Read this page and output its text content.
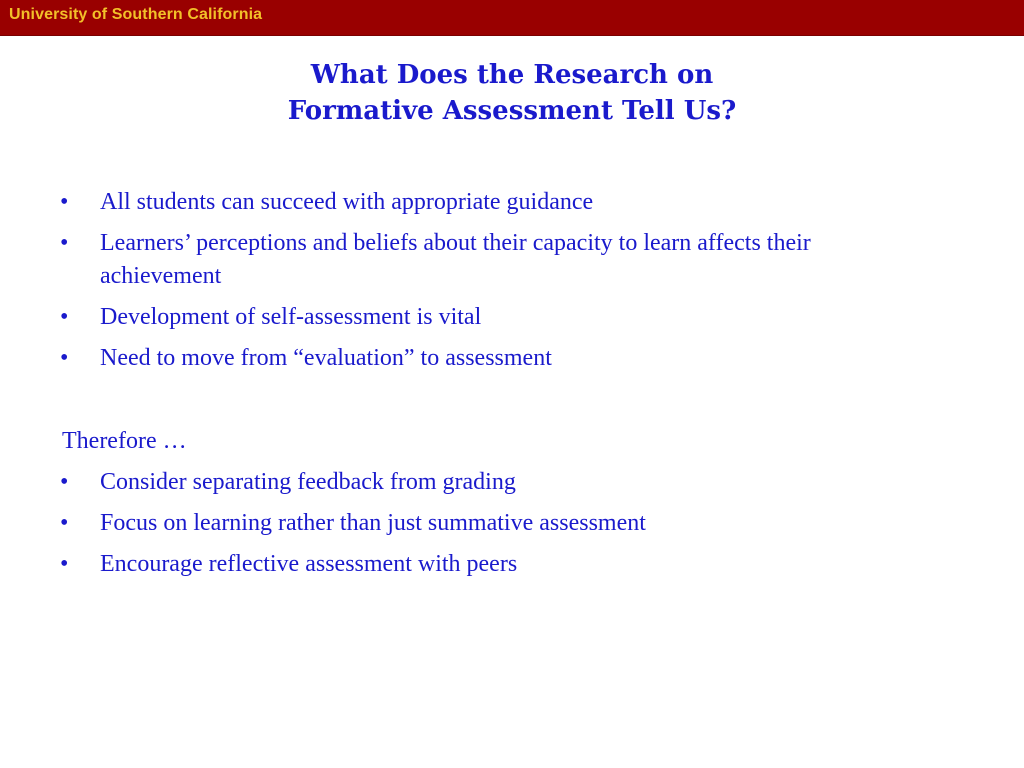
University of Southern California
What Does the Research on
Formative Assessment Tell Us?
•	All students can succeed with appropriate guidance
•	Learners’ perceptions and beliefs about their capacity to learn affects their achievement
•	Development of self-assessment is vital
•	Need to move from “evaluation” to assessment
Therefore …
•	Consider separating feedback from grading
•	Focus on learning rather than just summative assessment
•	Encourage reflective assessment with peers
